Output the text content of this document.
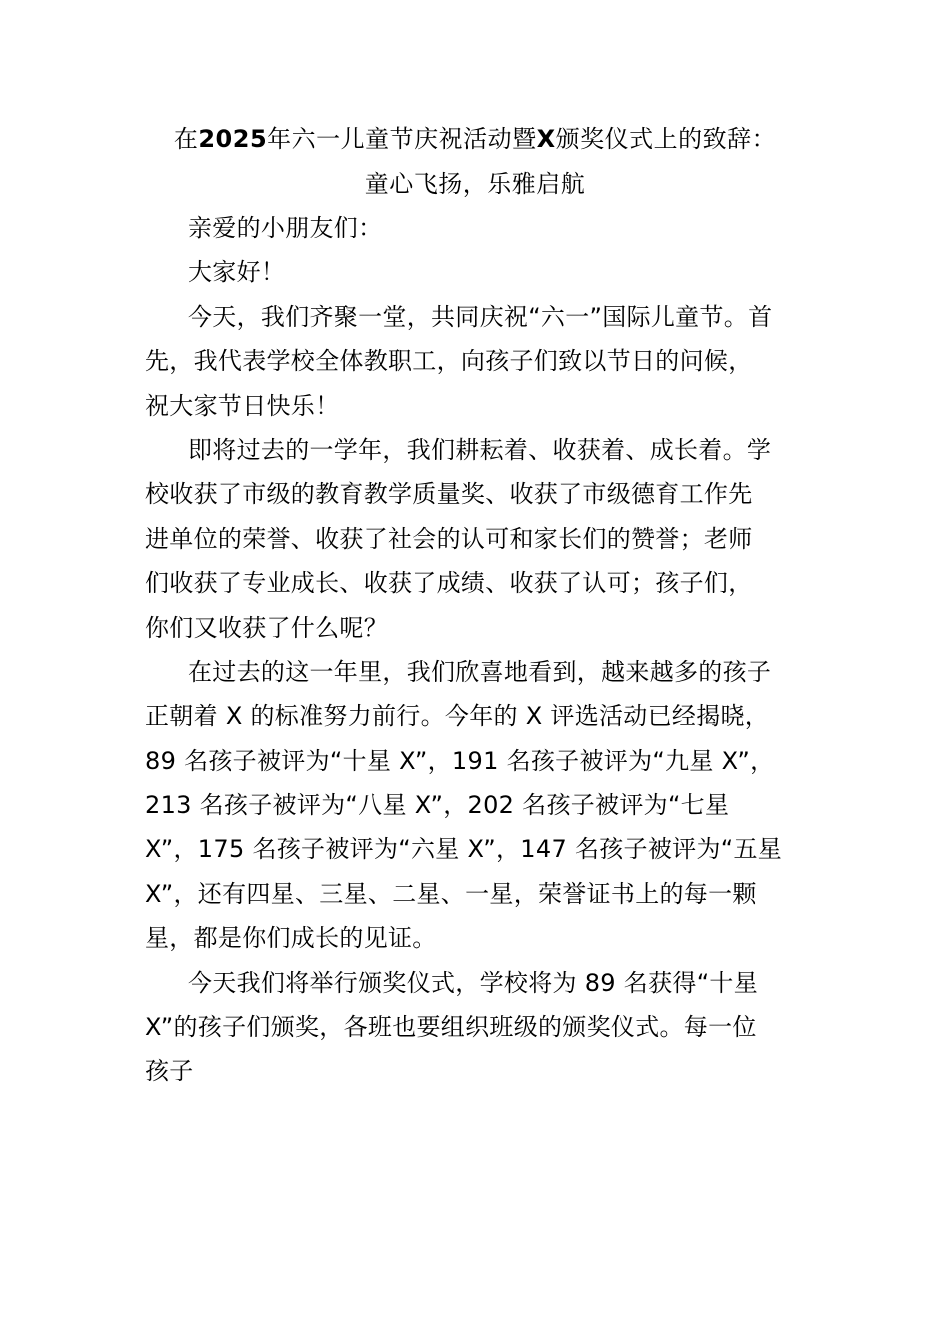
在2025年六一儿童节庆祝活动暨X颁奖仪式上的致辞：
童心飞扬，乐雅启航
亲爱的小朋友们：
大家好！
今天，我们齐聚一堂，共同庆祝“六一”国际儿童节。首
先，我代表学校全体教职工，向孩子们致以节日的问候，
祝大家节日快乐！
即将过去的一学年，我们耕耘着、收获着、成长着。学
校收获了市级的教育教学质量奖、收获了市级德育工作先
进单位的荣誉、收获了社会的认可和家长们的赞誉；老师
们收获了专业成长、收获了成绩、收获了认可；孩子们，
你们又收获了什么呢？
在过去的这一年里，我们欣喜地看到，越来越多的孩子
正朝着 X 的标准努力前行。今年的 X 评选活动已经揭晓，
89 名孩子被评为“十星 X”，191 名孩子被评为“九星 X”，
213 名孩子被评为“八星 X”，202 名孩子被评为“七星
X”，175 名孩子被评为“六星 X”，147 名孩子被评为“五星
X”，还有四星、三星、二星、一星，荣誉证书上的每一颗
星，都是你们成长的见证。
今天我们将举行颁奖仪式，学校将为 89 名获得“十星
X”的孩子们颁奖，各班也要组织班级的颁奖仪式。每一位
孩子
